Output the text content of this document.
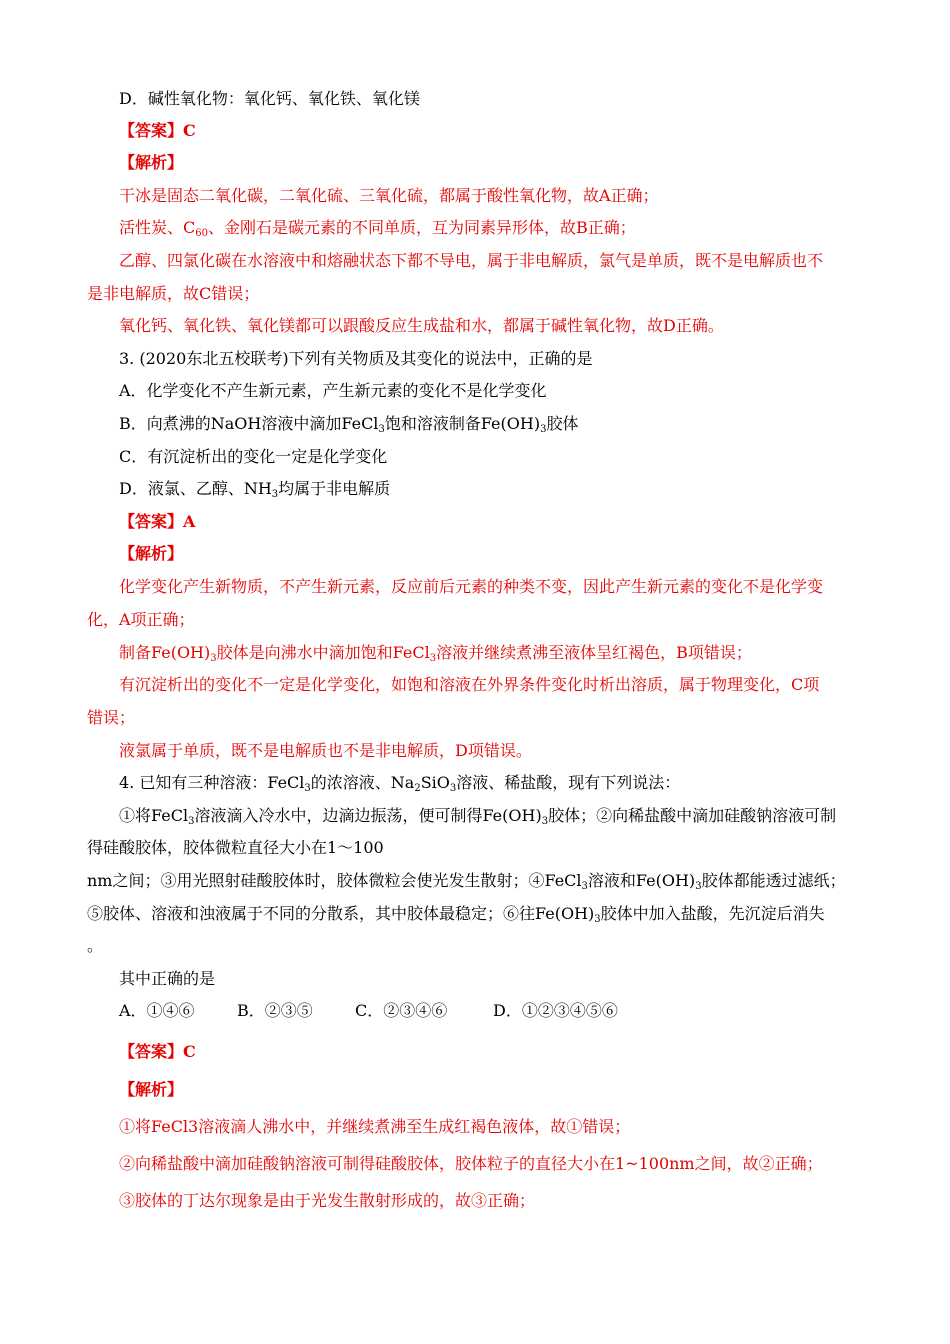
D．碱性氧化物：氧化钙、氧化铁、氧化镁
【答案】C
【解析】
干冰是固态二氧化碳，二氧化硫、三氧化硫，都属于酸性氧化物，故A正确；
活性炭、$C_{60}$、金刚石是碳元素的不同单质，互为同素异形体，故B正确；
乙醇、四氯化碳在水溶液中和熔融状态下都不导电，属于非电解质，氯气是单质，既不是电解质也不
是非电解质，故C错误；
氧化钙、氧化铁、氧化镁都可以跟酸反应生成盐和水，都属于碱性氧化物，故D正确。
3. (2020东北五校联考)下列有关物质及其变化的说法中，正确的是
A．化学变化不产生新元素，产生新元素的变化不是化学变化
B．向煮沸的NaOH溶液中滴加FeCl$_3$饱和溶液制备$Fe(OH)_3$胶体
C．有沉淀析出的变化一定是化学变化
D．液氯、乙醇、$NH_3$均属于非电解质
【答案】A
【解析】
化学变化产生新物质，不产生新元素，反应前后元素的种类不变，因此产生新元素的变化不是化学变
化，A项正确；
制备$Fe(OH)_3$胶体是向沸水中滴加饱和FeCl$_3$溶液并继续煮沸至液体呈红褐色，B项错误；
有沉淀析出的变化不一定是化学变化，如饱和溶液在外界条件变化时析出溶质，属于物理变化，C项
错误；
液氯属于单质，既不是电解质也不是非电解质，D项错误。
4. 已知有三种溶液：FeCl$_3$的浓溶液、$Na_2SiO_3$溶液、稀盐酸，现有下列说法：
①将FeCl$_3$溶液滴入冷水中，边滴边振荡，便可制得$Fe(OH)_3$胶体；②向稀盐酸中滴加硅酸钠溶液可制
得硅酸胶体，胶体微粒直径大小在1～100
nm之间；③用光照射硅酸胶体时，胶体微粒会使光发生散射；④FeCl$_3$溶液和$Fe(OH)_3$胶体都能透过滤纸；
⑤胶体、溶液和浊液属于不同的分散系，其中胶体最稳定；⑥往$Fe(OH)_3$胶体中加入盐酸，先沉淀后消失
。
其中正确的是
A．①④⑥	B．②③⑤	C．②③④⑥	D．①②③④⑤⑥
【答案】C
【解析】
①将FeCl3溶液滴人沸水中，并继续煮沸至生成红褐色液体，故①错误；
②向稀盐酸中滴加硅酸钠溶液可制得硅酸胶体，胶体粒子的直径大小在1~100nm之间，故②正确；
③胶体的丁达尔现象是由于光发生散射形成的，故③正确；
